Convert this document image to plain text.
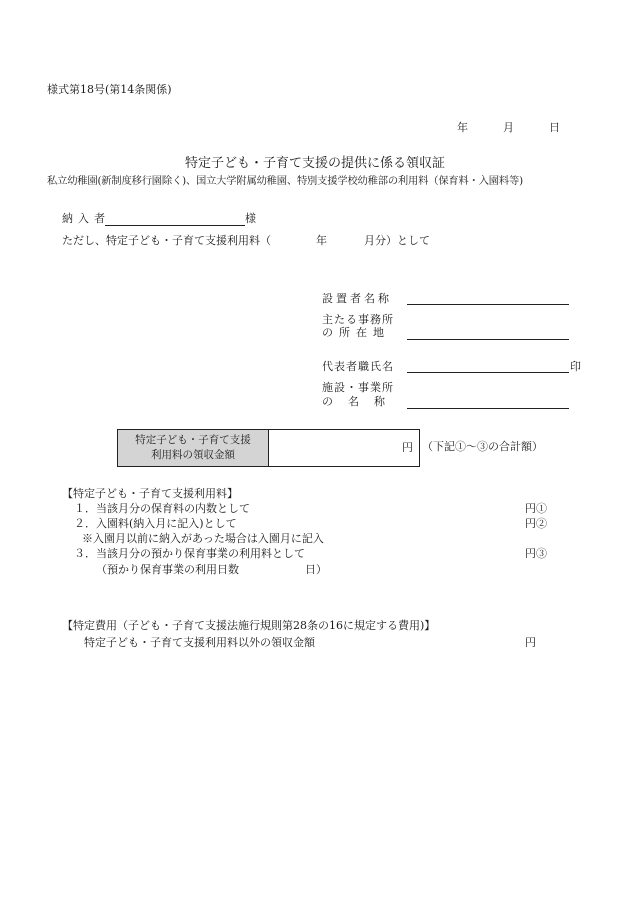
様式第18号(第14条関係)
年	月	日
特定子ども・子育て支援の提供に係る領収証
私立幼稚園(新制度移行園除く)、国立大学附属幼稚園、特別支援学校幼稚部の利用料（保育料・入園料等)
納入者	様
ただし、特定子ども・子育て支援利用料（	年	月分）として
設置者名称
主たる事務所
の所在地
代表者職氏名	印
施設・事業所
の名称
特定子ども・子育て支援
利用料の領収金額
円 （下記①〜③の合計額）
【特定子ども・子育て支援利用料】
１．当該月分の保育料の内数として	円①
２．入園料(納入月に記入)として	円②
※入園月以前に納入があった場合は入園月に記入
３．当該月分の預かり保育事業の利用料として	円③
（預かり保育事業の利用日数	日）
【特定費用（子ども・子育て支援法施行規則第28条の16に規定する費用)】
特定子ども・子育て支援利用料以外の領収金額	円
